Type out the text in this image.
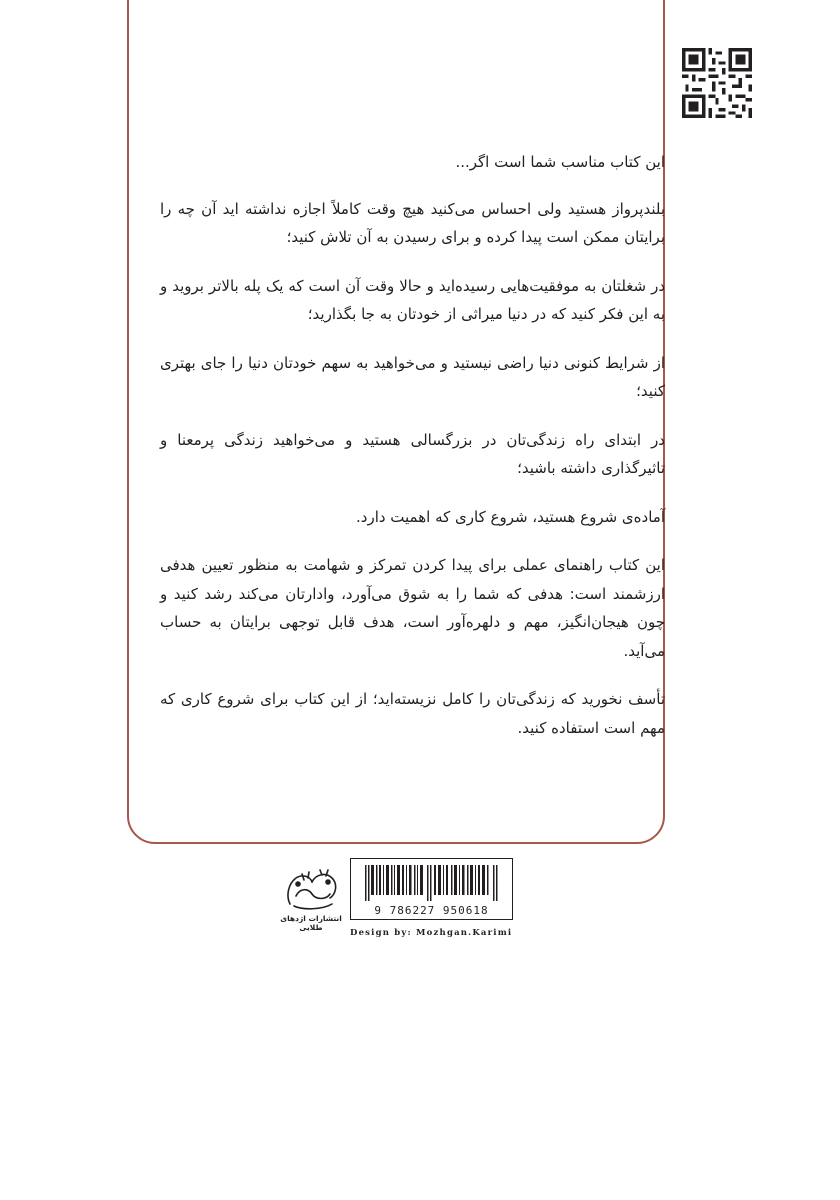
این کتاب مناسب شما است اگر...

بلندپرواز هستید ولی احساس می‌کنید هیچ وقت کاملاً اجازه نداشته اید آن چه را برایتان ممکن است پیدا کرده و برای رسیدن به آن تلاش کنید؛

در شغلتان به موفقیت‌هایی رسیده‌اید و حالا وقت آن است که یک پله بالاتر بروید و به این فکر کنید که در دنیا میراثی از خودتان به جا بگذارید؛

از شرایط کنونی دنیا راضی نیستید و می‌خواهید به سهم خودتان دنیا را جای بهتری کنید؛

در ابتدای راه زندگی‌تان در بزرگسالی هستید و می‌خواهید زندگی پرمعنا و تاثیرگذاری داشته باشید؛

آماده‌ی شروع هستید، شروع کاری که اهمیت دارد.

این کتاب راهنمای عملی برای پیدا کردن تمرکز و شهامت به منظور تعیین هدفی ارزشمند است: هدفی که شما را به شوق می‌آورد، وادارتان می‌کند رشد کنید و چون هیجان‌انگیز، مهم و دلهره‌آور است، هدف قابل توجهی برایتان به حساب می‌آید.

تأسف نخورید که زندگی‌تان را کامل نزیسته‌اید؛ از این کتاب برای شروع کاری که مهم است استفاده کنید.

انتشارات اژدهای طلایی
9 786227 950618
Design by: Mozhgan.Karimi
